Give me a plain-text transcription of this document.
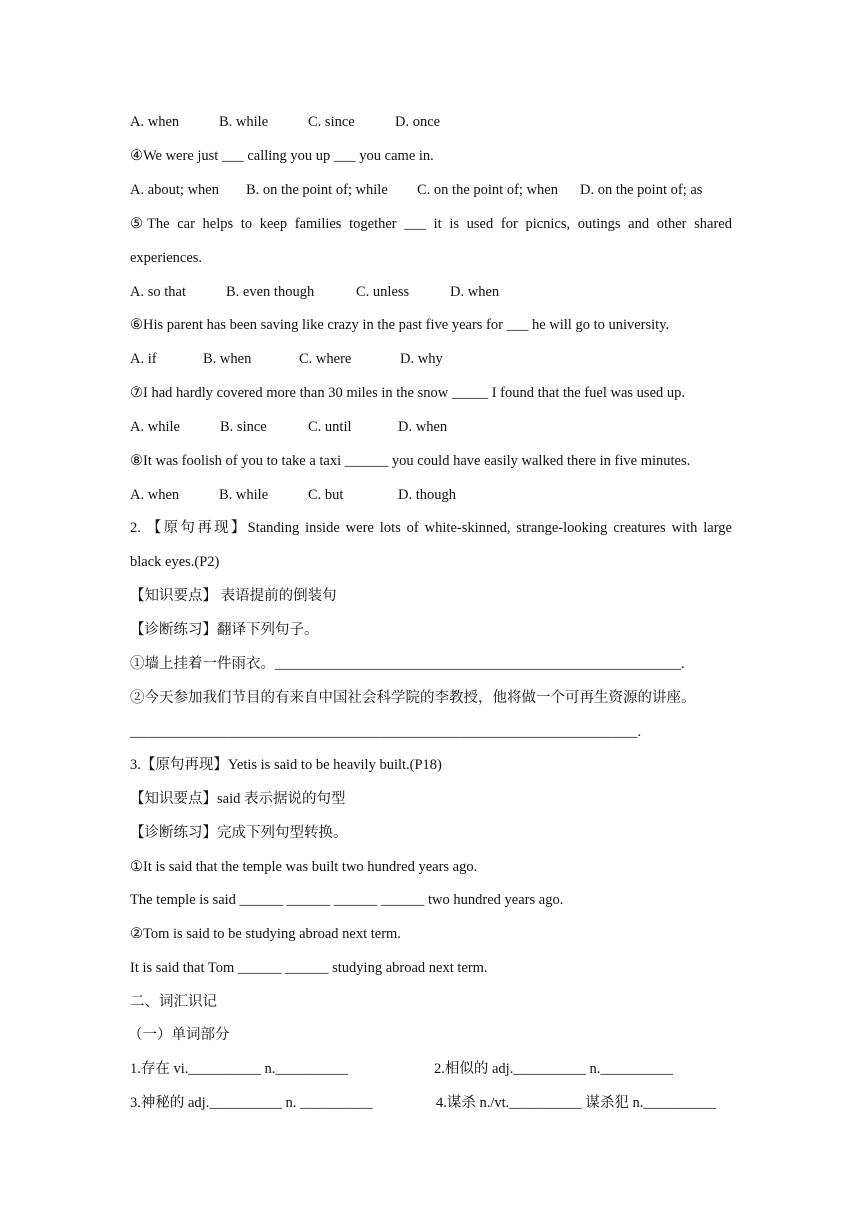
A. when	B. while	C. since	D. once
④We were just ___ calling you up ___ you came in.
A. about; when B. on the point of; while C. on the point of; when D. on the point of; as
⑤The car helps to keep families together ___ it is used for picnics, outings and other shared
experiences.
A. so that	B. even though	C. unless	D. when
⑥His parent has been saving like crazy in the past five years for ___ he will go to university.
A. if	B. when	C. where	D. why
⑦I had hardly covered more than 30 miles in the snow _____ I found that the fuel was used up.
A. while	B. since	C. until	D. when
⑧It was foolish of you to take a taxi ______ you could have easily walked there in five minutes.
A. when	B. while	C. but	D. though
2. 【原句再现】Standing inside were lots of white-skinned, strange-looking creatures with large
black eyes.(P2)
【知识要点】 表语提前的倒装句
【诊断练习】翻译下列句子。
①墙上挂着一件雨衣。________________________________________________________.
②今天参加我们节目的有来自中国社会科学院的李教授，他将做一个可再生资源的讲座。
______________________________________________________________________.
3.【原句再现】Yetis is said to be heavily built.(P18)
【知识要点】said 表示据说的句型
【诊断练习】完成下列句型转换。
①It is said that the temple was built two hundred years ago.
The temple is said ______ ______ ______ ______ two hundred years ago.
②Tom is said to be studying abroad next term.
It is said that Tom ______ ______ studying abroad next term.
二、词汇识记
（一）单词部分
1.存在 vi.__________ n.__________	2.相似的 adj.__________ n.__________
3.神秘的 adj.__________ n. __________	4.谋杀 n./vt.__________ 谋杀犯 n.__________
